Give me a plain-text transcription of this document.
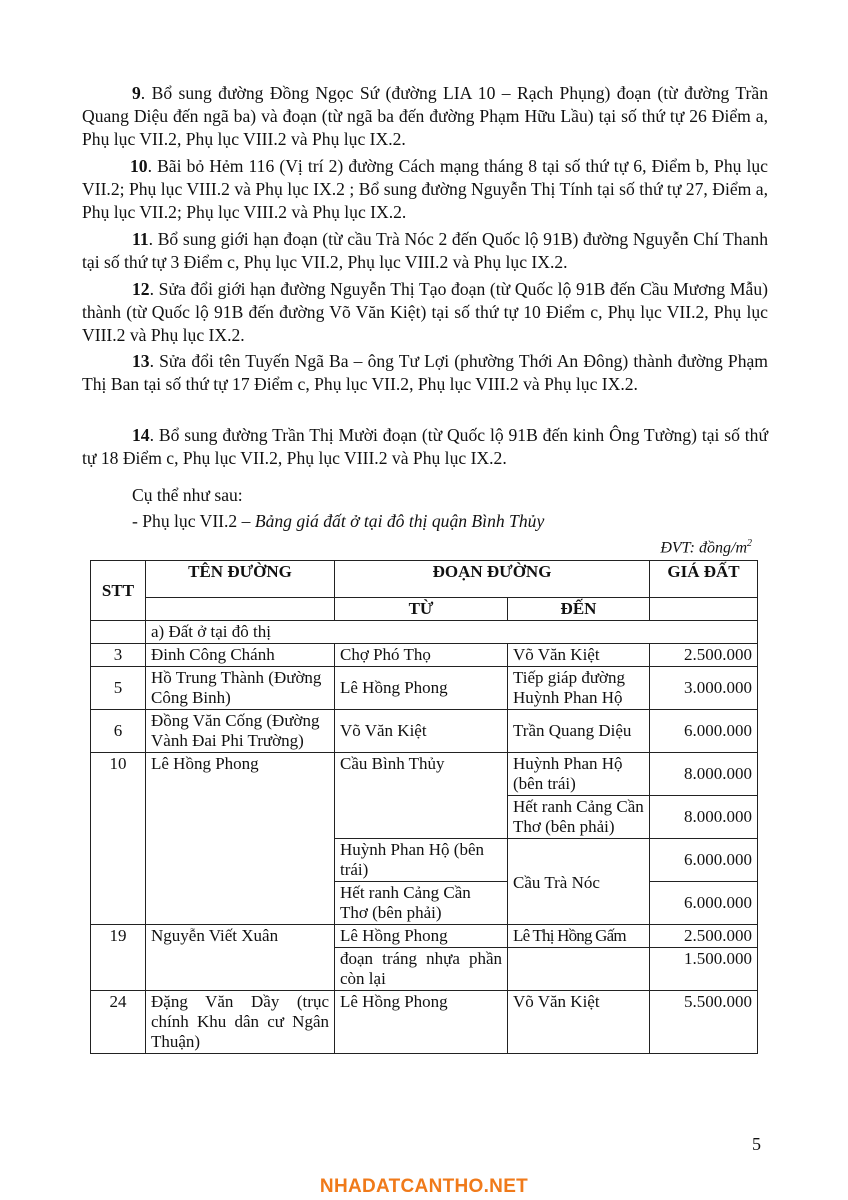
9. Bổ sung đường Đồng Ngọc Sứ (đường LIA 10 – Rạch Phụng) đoạn (từ đường Trần Quang Diệu đến ngã ba) và đoạn (từ ngã ba đến đường Phạm Hữu Lầu) tại số thứ tự 26 Điểm a, Phụ lục VII.2, Phụ lục VIII.2 và Phụ lục IX.2.

10. Bãi bỏ Hẻm 116 (Vị trí 2) đường Cách mạng tháng 8 tại số thứ tự 6, Điểm b, Phụ lục VII.2; Phụ lục VIII.2 và Phụ lục IX.2 ; Bổ sung đường Nguyễn Thị Tính tại số thứ tự 27, Điểm a, Phụ lục VII.2; Phụ lục VIII.2 và Phụ lục IX.2.

11. Bổ sung giới hạn đoạn (từ cầu Trà Nóc 2 đến Quốc lộ 91B) đường Nguyễn Chí Thanh tại số thứ tự 3 Điểm c, Phụ lục VII.2, Phụ lục VIII.2 và Phụ lục IX.2.

12. Sửa đổi giới hạn đường Nguyễn Thị Tạo đoạn (từ Quốc lộ 91B đến Cầu Mương Mẫu) thành (từ Quốc lộ 91B đến đường Võ Văn Kiệt) tại số thứ tự 10 Điểm c, Phụ lục VII.2, Phụ lục VIII.2 và Phụ lục IX.2.

13. Sửa đổi tên Tuyến Ngã Ba – ông Tư Lợi (phường Thới An Đông) thành đường Phạm Thị Ban tại số thứ tự 17 Điểm c, Phụ lục VII.2, Phụ lục VIII.2 và Phụ lục IX.2.

14. Bổ sung đường Trần Thị Mười đoạn (từ Quốc lộ 91B đến kinh Ông Tường) tại số thứ tự 18 Điểm c, Phụ lục VII.2, Phụ lục VIII.2 và Phụ lục IX.2.

Cụ thể như sau:

- Phụ lục VII.2 – Bảng giá đất ở tại đô thị quận Bình Thủy

ĐVT: đồng/$m^2$
STT	TÊN ĐƯỜNG	ĐOẠN ĐƯỜNG		GIÁ ĐẤT
		TỪ	ĐẾN	
	a) Đất ở tại đô thị			
3	Đinh Công Chánh	Chợ Phó Thọ	Võ Văn Kiệt	2.500.000
5	Hồ Trung Thành (Đường Công Binh)	Lê Hồng Phong	Tiếp giáp đường Huỳnh Phan Hộ	3.000.000
6	Đồng Văn Cống (Đường Vành Đai Phi Trường)	Võ Văn Kiệt	Trần Quang Diệu	6.000.000
10	Lê Hồng Phong	Cầu Bình Thủy	Huỳnh Phan Hộ (bên trái)	8.000.000
			Hết ranh Cảng Cần Thơ (bên phải)	8.000.000
		Huỳnh Phan Hộ (bên trái)	Cầu Trà Nóc	6.000.000
		Hết ranh Cảng Cần Thơ (bên phải)		6.000.000
19	Nguyễn Viết Xuân	Lê Hồng Phong	Lê Thị Hồng Gấm	2.500.000
		đoạn tráng nhựa phần còn lại		1.500.000
24	Đặng Văn Dầy (trục chính Khu dân cư Ngân Thuận)	Lê Hồng Phong	Võ Văn Kiệt	5.500.000
5
NHADATCANTHO.NET
